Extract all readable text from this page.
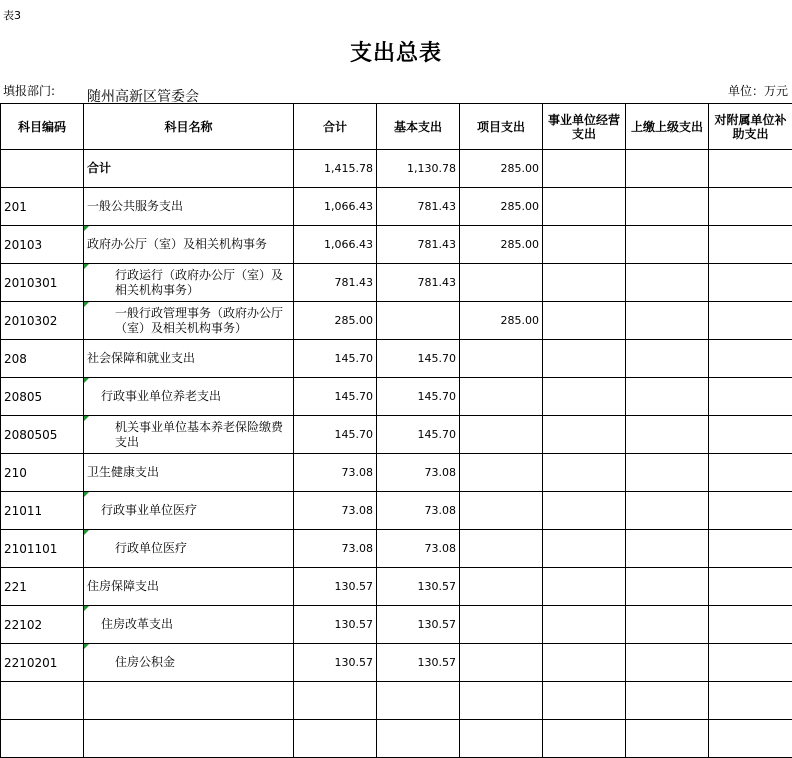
表3
支出总表
填报部门: 随州高新区管委会	单位：万元
科目编码	科目名称	合计	基本支出	项目支出	事业单位经营支出	上缴上级支出	对附属单位补助支出
	合计	1,415.78	1,130.78	285.00			
201	一般公共服务支出	1,066.43	781.43	285.00			
20103	政府办公厅（室）及相关机构事务	1,066.43	781.43	285.00			
2010301	行政运行（政府办公厅（室）及相关机构事务）	781.43	781.43				
2010302	一般行政管理事务（政府办公厅（室）及相关机构事务）	285.00		285.00			
208	社会保障和就业支出	145.70	145.70				
20805	行政事业单位养老支出	145.70	145.70				
2080505	机关事业单位基本养老保险缴费支出	145.70	145.70				
210	卫生健康支出	73.08	73.08				
21011	行政事业单位医疗	73.08	73.08				
2101101	行政单位医疗	73.08	73.08				
221	住房保障支出	130.57	130.57				
22102	住房改革支出	130.57	130.57				
2210201	住房公积金	130.57	130.57				
